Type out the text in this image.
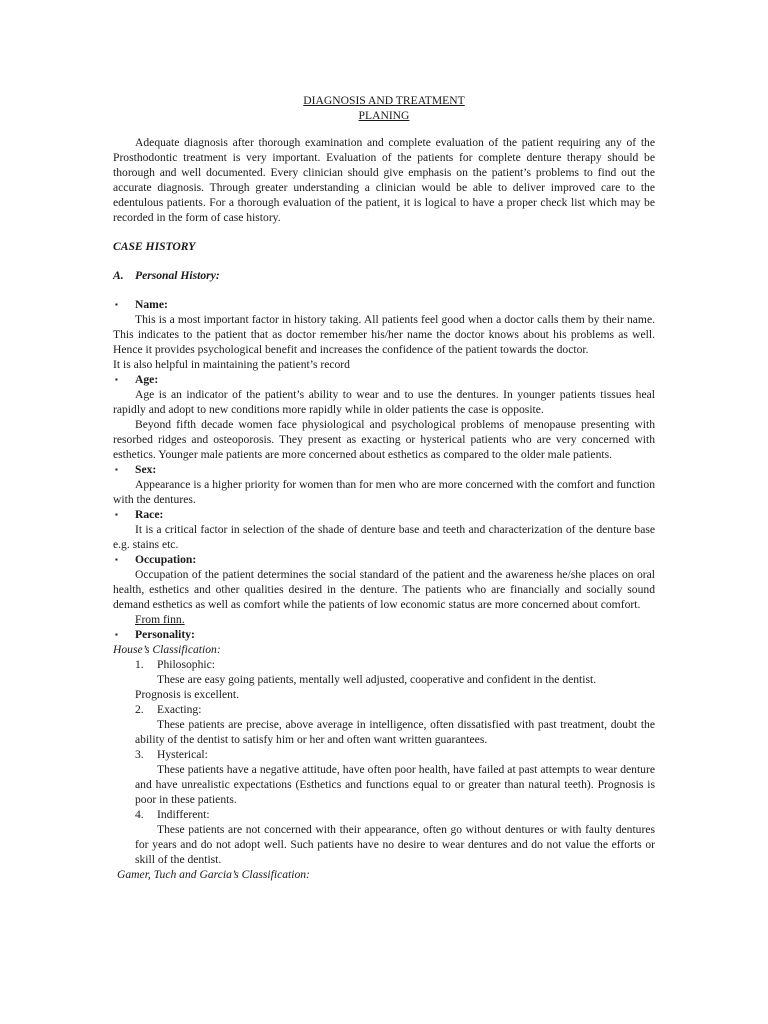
DIAGNOSIS AND TREATMENT

PLANING

Adequate diagnosis after thorough examination and complete evaluation of the patient requiring any of the Prosthodontic treatment is very important. Evaluation of the patients for complete denture therapy should be thorough and well documented. Every clinician should give emphasis on the patient’s problems to find out the accurate diagnosis. Through greater understanding a clinician would be able to deliver improved care to the edentulous patients. For a thorough evaluation of the patient, it is logical to have a proper check list which may be recorded in the form of case history.

CASE HISTORY

A. Personal History:

▪ Name:

This is a most important factor in history taking. All patients feel good when a doctor calls them by their name. This indicates to the patient that as doctor remember his/her name the doctor knows about his problems as well. Hence it provides psychological benefit and increases the confidence of the patient towards the doctor.

It is also helpful in maintaining the patient’s record

▪ Age:

Age is an indicator of the patient’s ability to wear and to use the dentures. In younger patients tissues heal rapidly and adopt to new conditions more rapidly while in older patients the case is opposite.

Beyond fifth decade women face physiological and psychological problems of menopause presenting with resorbed ridges and osteoporosis. They present as exacting or hysterical patients who are very concerned with esthetics. Younger male patients are more concerned about esthetics as compared to the older male patients.

▪ Sex:

Appearance is a higher priority for women than for men who are more concerned with the comfort and function with the dentures.

▪ Race:

It is a critical factor in selection of the shade of denture base and teeth and characterization of the denture base e.g. stains etc.

▪ Occupation:

Occupation of the patient determines the social standard of the patient and the awareness he/she places on oral health, esthetics and other qualities desired in the denture. The patients who are financially and socially sound demand esthetics as well as comfort while the patients of low economic status are more concerned about comfort.

From finn.

▪ Personality:

House’s Classification:

1. Philosophic:

These are easy going patients, mentally well adjusted, cooperative and confident in the dentist.

Prognosis is excellent.

2. Exacting:

These patients are precise, above average in intelligence, often dissatisfied with past treatment, doubt the ability of the dentist to satisfy him or her and often want written guarantees.

3. Hysterical:

These patients have a negative attitude, have often poor health, have failed at past attempts to wear denture and have unrealistic expectations (Esthetics and functions equal to or greater than natural teeth). Prognosis is poor in these patients.

4. Indifferent:

These patients are not concerned with their appearance, often go without dentures or with faulty dentures for years and do not adopt well. Such patients have no desire to wear dentures and do not value the efforts or skill of the dentist.

Gamer, Tuch and Garcia’s Classification:
